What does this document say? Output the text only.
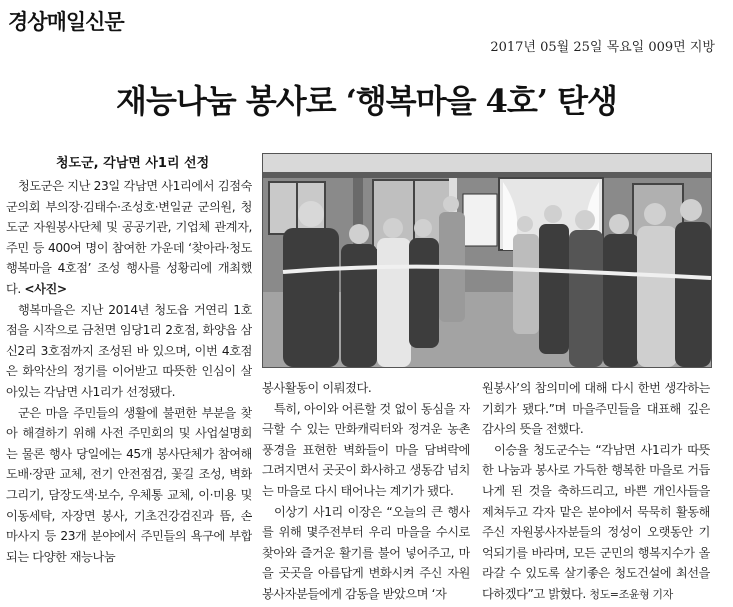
경상매일신문
2017년 05월 25일 목요일 009면 지방
재능나눔 봉사로 ‘행복마을 4호’ 탄생
청도군, 각남면 사1리 선정

청도군은 지난 23일 각남면 사1리에서 김점숙 군의회 부의장·김태수·조성호·변일균 군의원, 청도군 자원봉사단체 및 공공기관, 기업체 관계자, 주민 등 400여 명이 참여한 가운데 ‘찾아라·청도행복마을 4호점’ 조성 행사를 성황리에 개최했다. <사진>

행복마을은 지난 2014년 청도읍 거연리 1호점을 시작으로 금천면 임당1리 2호점, 화양읍 삼신2리 3호점까지 조성된 바 있으며, 이번 4호점은 화악산의 정기를 이어받고 따뜻한 인심이 살아있는 각남면 사1리가 선정됐다.

군은 마을 주민들의 생활에 불편한 부분을 찾아 해결하기 위해 사전 주민회의 및 사업설명회는 물론 행사 당일에는 45개 봉사단체가 참여해 도배·장판 교체, 전기 안전점검, 꽃길 조성, 벽화그리기, 담장도색·보수, 우체통 교체, 이·미용 및 이동세탁, 자장면 봉사, 기초건강검진과 뜸, 손 마사지 등 23개 분야에서 주민들의 욕구에 부합되는 다양한 재능나눔

봉사활동이 이뤄졌다.

특히, 아이와 어른할 것 없이 동심을 자극할 수 있는 만화캐릭터와 정겨운 농촌풍경을 표현한 벽화들이 마을 담벼락에 그려지면서 곳곳이 화사하고 생동감 넘치는 마을로 다시 태어나는 계기가 됐다.

이상기 사1리 이장은 “오늘의 큰 행사를 위해 몇주전부터 우리 마을을 수시로 찾아와 즐거운 활기를 불어 넣어주고, 마을 곳곳을 아름답게 변화시켜 주신 자원봉사자분들에게 감동을 받았으며 ‘자

원봉사’의 참의미에 대해 다시 한번 생각하는 기회가 됐다.”며 마을주민들을 대표해 깊은 감사의 뜻을 전했다.

이승율 청도군수는 “각남면 사1리가 따뜻한 나눔과 봉사로 가득한 행복한 마을로 거듭나게 된 것을 축하드리고, 바쁜 개인사들을 제쳐두고 각자 맡은 분야에서 묵묵히 활동해주신 자원봉사자분들의 정성이 오랫동안 기억되기를 바라며, 모든 군민의 행복지수가 올라갈 수 있도록 살기좋은 청도건설에 최선을 다하겠다”고 밝혔다. 청도=조윤형 기자
